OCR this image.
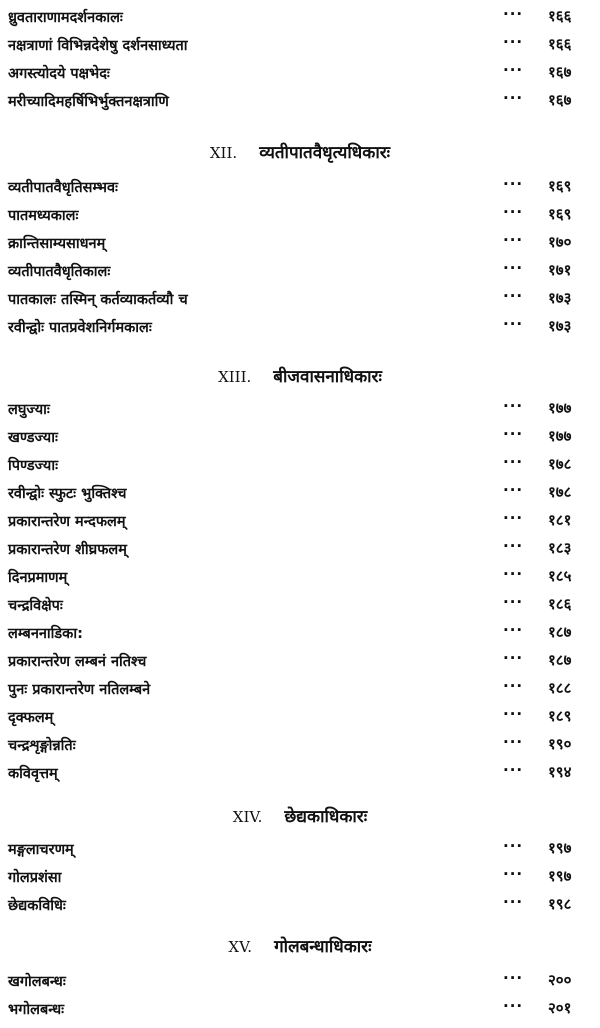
ध्रुवताराणामदर्शनकालः	··· १६६
नक्षत्राणां विभिन्नदेशेषु दर्शनसाध्यता	··· १६६
अगस्त्योदये पक्षभेदः	··· १६७
मरीच्यादिमहर्षिभिर्भुक्तनक्षत्राणि	··· १६७
XII. व्यतीपातवैधृत्यधिकारः
व्यतीपातवैधृतिसम्भवः	··· १६९
पातमध्यकालः	··· १६९
क्रान्तिसाम्यसाधनम्	··· १७०
व्यतीपातवैधृतिकालः	··· १७१
पातकालः तस्मिन् कर्तव्याकर्तव्यौ च	··· १७३
रवीन्द्वोः पातप्रवेशनिर्गमकालः	··· १७३
XIII. बीजवासनाधिकारः
लघुज्याः	··· १७७
खण्डज्याः	··· १७७
पिण्डज्याः	··· १७८
रवीन्द्वोः स्फुटः भुक्तिश्च	··· १७८
प्रकारान्तरेण मन्दफलम्	··· १८१
प्रकारान्तरेण शीघ्रफलम्	··· १८३
दिनप्रमाणम्	··· १८५
चन्द्रविक्षेपः	··· १८६
लम्बननाडिका:	··· १८७
प्रकारान्तरेण लम्बनं नतिश्च	··· १८७
पुनः प्रकारान्तरेण नतिलम्बने	··· १८८
दृक्फलम्	··· १८९
चन्द्रशृङ्गोन्नतिः	··· १९०
कविवृत्तम्	··· १९४
XIV. छेद्यकाधिकारः
मङ्गलाचरणम्	··· १९७
गोलप्रशंसा	··· १९७
छेद्यकविधिः	··· १९८
XV. गोलबन्धाधिकारः
खगोलबन्धः	··· २००
भगोलबन्धः	··· २०१
